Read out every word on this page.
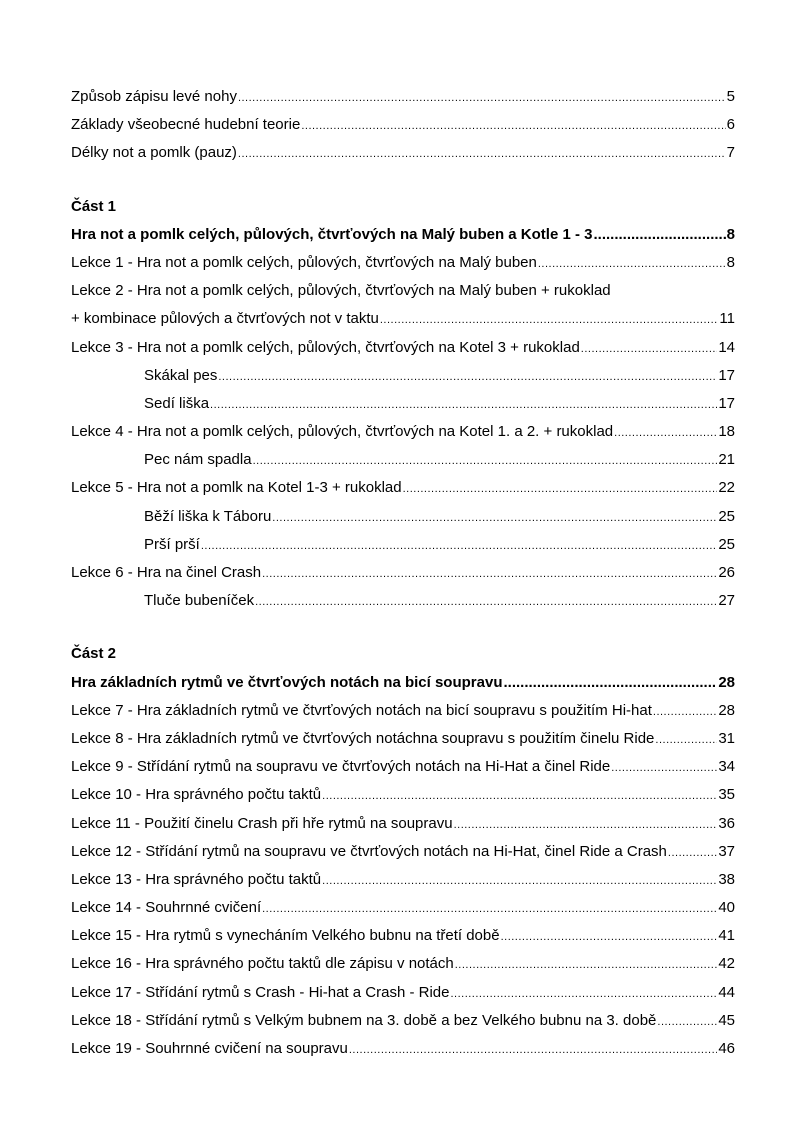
Způsob zápisu levé nohy .....	5
Základy všeobecné hudební teorie .....	6
Délky not a pomlk (pauz) .....	7
Část 1
Hra not a pomlk celých, půlových, čtvrťových na Malý buben a Kotle 1 - 3 .....	8
Lekce 1 - Hra not a pomlk celých, půlových, čtvrťových na Malý buben .....	8
Lekce 2 - Hra not a pomlk celých, půlových, čtvrťových na Malý buben + rukoklad
+ kombinace půlových a čtvrťových not v taktu .....	11
Lekce 3 - Hra not a pomlk celých, půlových, čtvrťových na Kotel 3 + rukoklad .....	14
Skákal pes .....	17
Sedí liška .....	17
Lekce 4 - Hra not a pomlk celých, půlových, čtvrťových na Kotel 1. a 2. + rukoklad .....	18
Pec nám spadla .....	21
Lekce 5 - Hra not a pomlk na Kotel 1-3 + rukoklad .....	22
Běží liška k Táboru .....	25
Prší prší .....	25
Lekce 6 - Hra na činel Crash .....	26
Tluče bubeníček .....	27
Část 2
Hra základních rytmů ve čtvrťových notách na bicí soupravu .....	28
Lekce 7 - Hra základních rytmů ve čtvrťových notách na bicí soupravu s použitím Hi-hat .....	28
Lekce 8 - Hra základních rytmů ve čtvrťových notáchna soupravu s použitím činelu Ride .....	31
Lekce 9 - Střídání rytmů na soupravu ve čtvrťových notách na Hi-Hat a činel Ride .....	34
Lekce 10 - Hra správného počtu taktů .....	35
Lekce 11 - Použití činelu Crash při hře rytmů na soupravu .....	36
Lekce 12 - Střídání rytmů na soupravu ve čtvrťových notách na Hi-Hat, činel Ride a Crash .....	37
Lekce 13 - Hra správného počtu taktů .....	38
Lekce 14 - Souhrnné cvičení .....	40
Lekce 15 - Hra rytmů s vynecháním Velkého bubnu na třetí době .....	41
Lekce 16 - Hra správného počtu taktů dle zápisu v notách .....	42
Lekce 17 - Střídání rytmů s Crash - Hi-hat a Crash - Ride .....	44
Lekce 18 - Střídání rytmů s Velkým bubnem na 3. době a bez Velkého bubnu na 3. době .....	45
Lekce 19 - Souhrnné cvičení na soupravu .....	46
